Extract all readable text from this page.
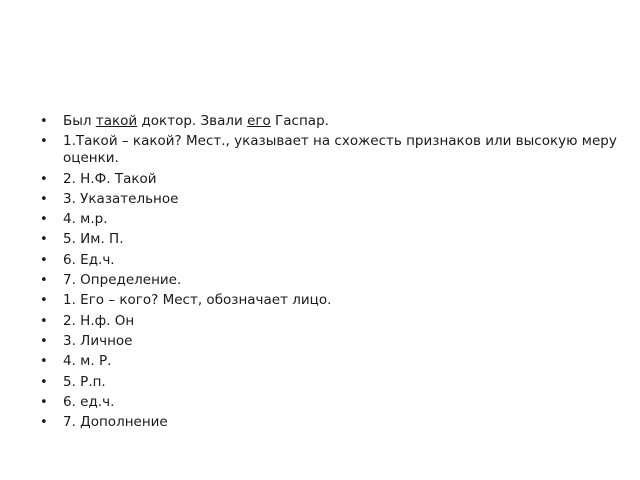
• Был такой доктор. Звали его Гаспар.
• 1.Такой – какой? Мест., указывает на схожесть признаков или высокую меру оценки.
• 2. Н.Ф. Такой
• 3. Указательное
• 4. м.р.
• 5. Им. П.
• 6. Ед.ч.
• 7. Определение.
• 1. Его – кого? Мест, обозначает лицо.
• 2. Н.ф. Он
• 3. Личное
• 4. м. Р.
• 5. Р.п.
• 6. ед.ч.
• 7. Дополнение
